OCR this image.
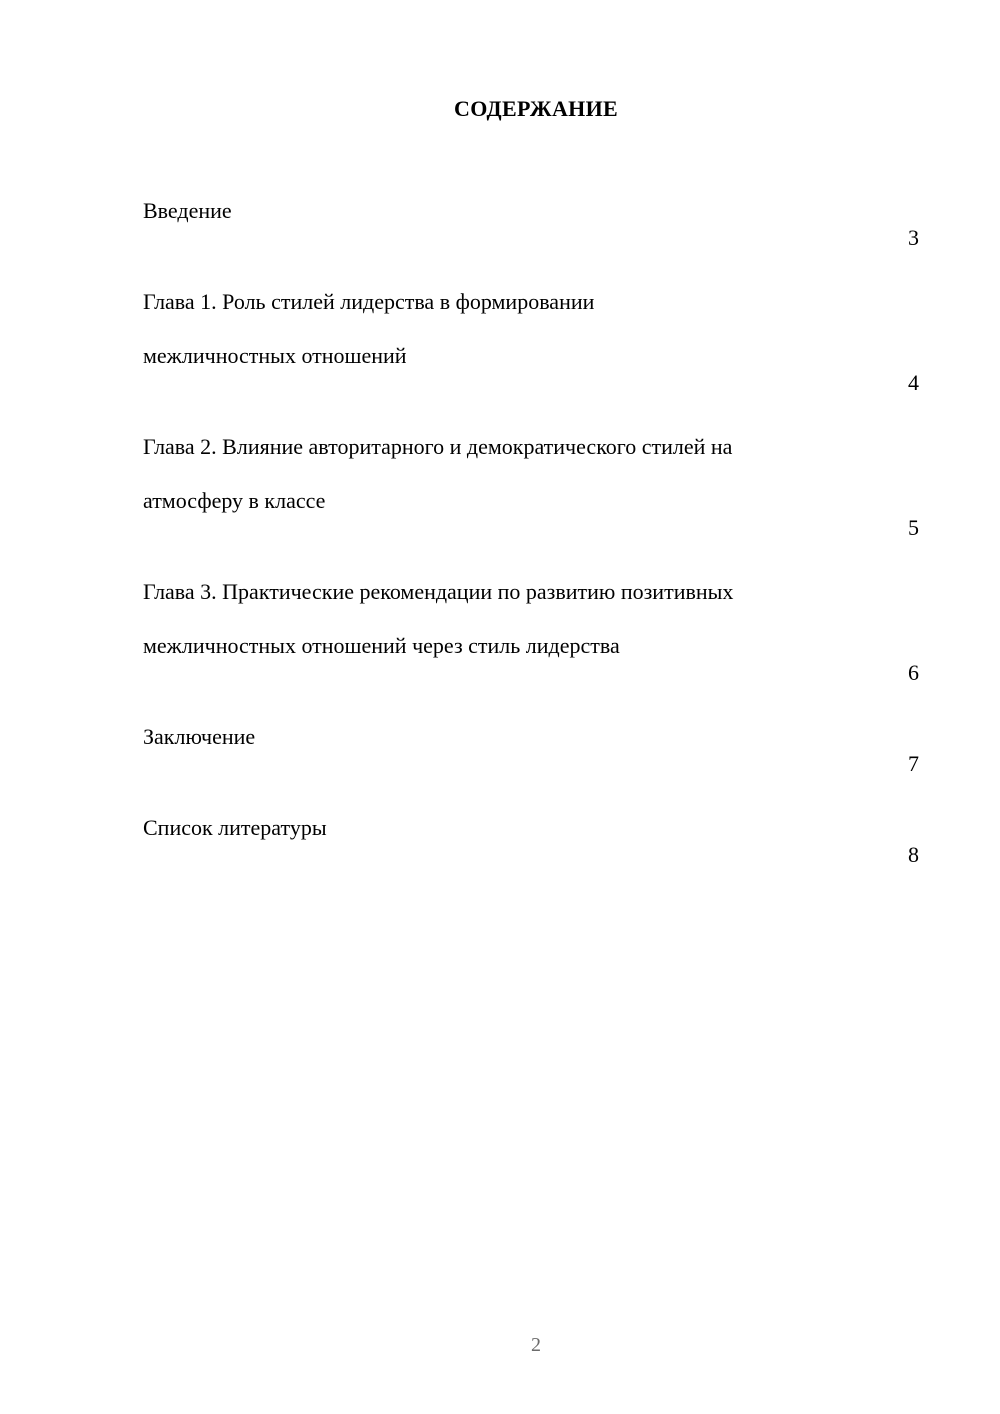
СОДЕРЖАНИЕ

Введение

3

Глава 1. Роль стилей лидерства в формировании

межличностных отношений

4

Глава 2. Влияние авторитарного и демократического стилей на

атмосферу в классе

5

Глава 3. Практические рекомендации по развитию позитивных

межличностных отношений через стиль лидерства

6

Заключение

7

Список литературы

8
2
